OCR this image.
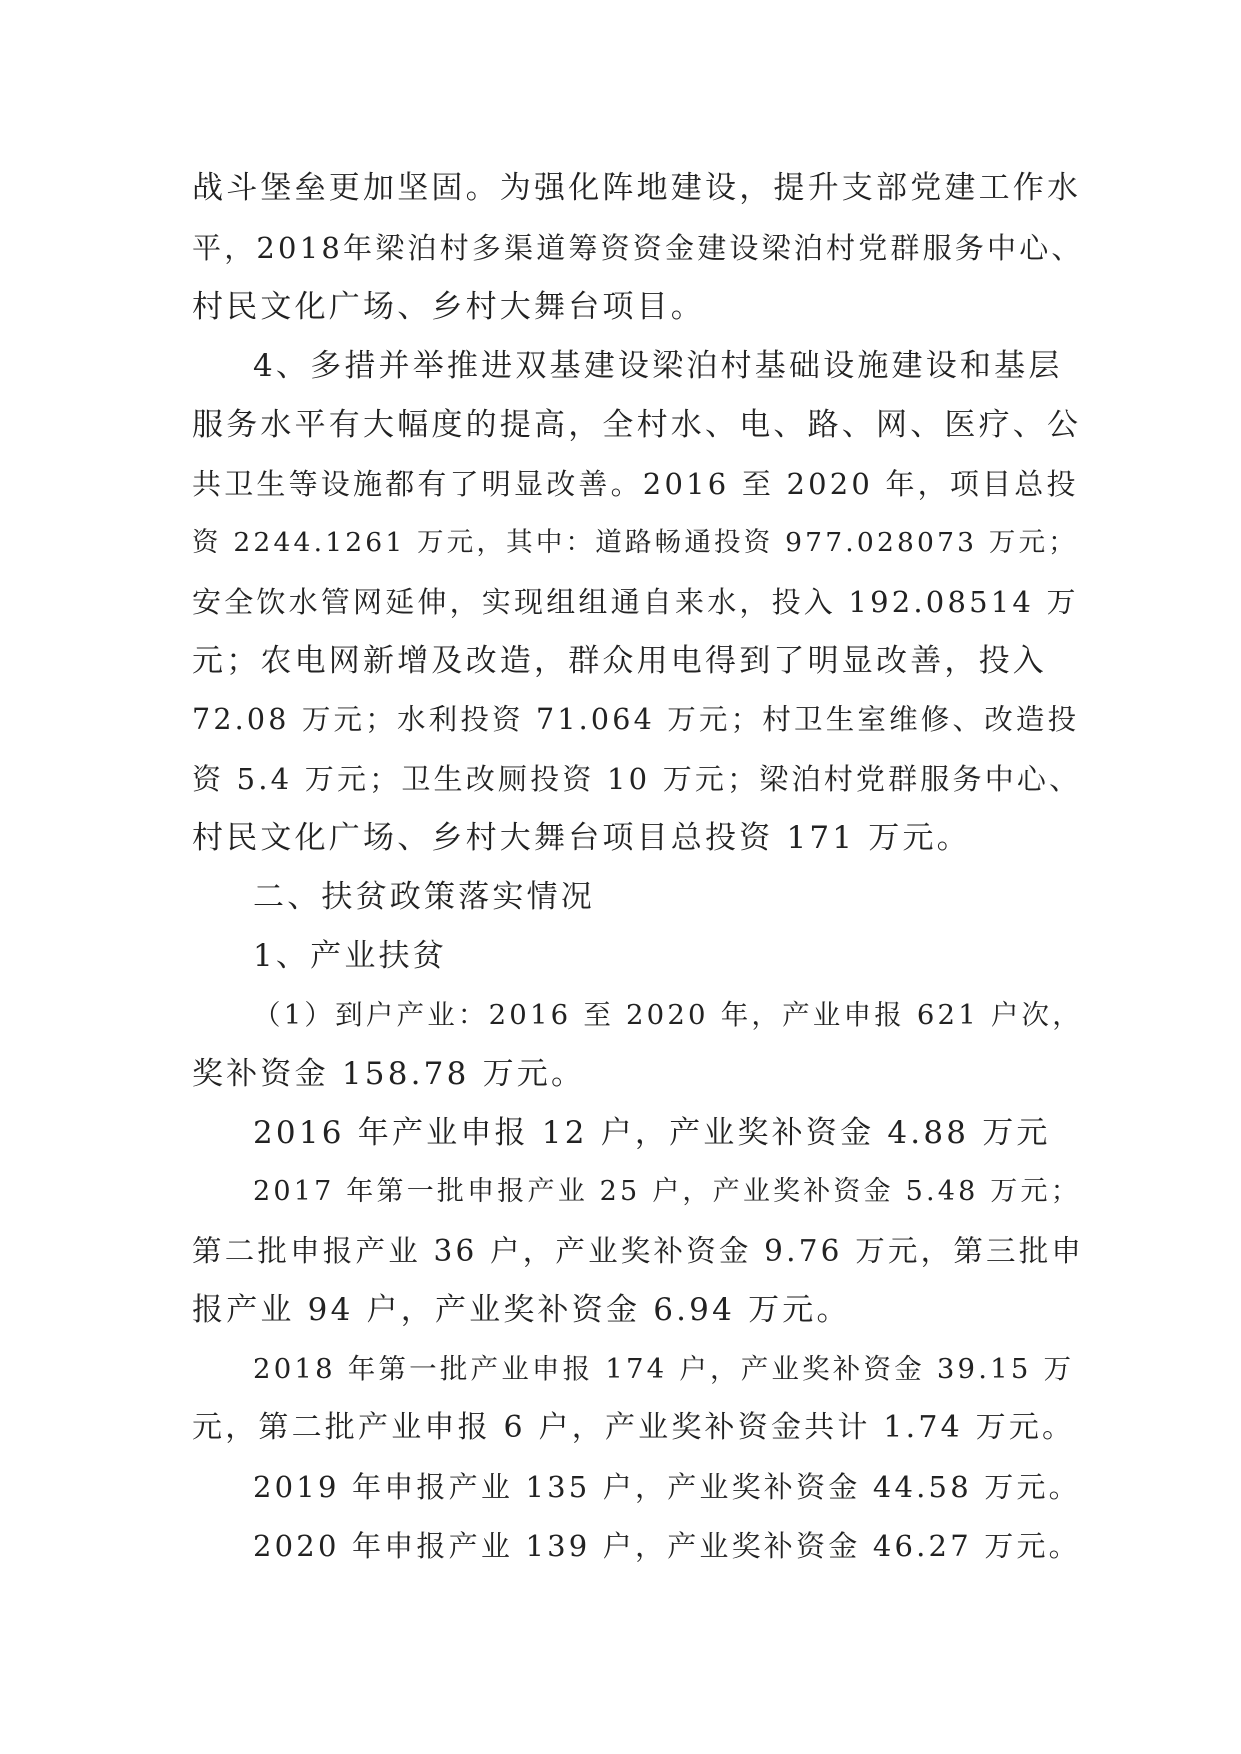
战斗堡垒更加坚固。为强化阵地建设，提升支部党建工作水
平，2018年梁泊村多渠道筹资资金建设梁泊村党群服务中心、
村民文化广场、乡村大舞台项目。
4、多措并举推进双基建设梁泊村基础设施建设和基层
服务水平有大幅度的提高，全村水、电、路、网、医疗、公
共卫生等设施都有了明显改善。2016 至 2020 年，项目总投
资 2244.1261 万元，其中：道路畅通投资 977.028073 万元；
安全饮水管网延伸，实现组组通自来水，投入 192.08514 万
元；农电网新增及改造，群众用电得到了明显改善，投入
72.08 万元；水利投资 71.064 万元；村卫生室维修、改造投
资 5.4 万元；卫生改厕投资 10 万元；梁泊村党群服务中心、
村民文化广场、乡村大舞台项目总投资 171 万元。
二、扶贫政策落实情况
1、产业扶贫
（1）到户产业：2016 至 2020 年，产业申报 621 户次，
奖补资金 158.78 万元。
2016 年产业申报 12 户，产业奖补资金 4.88 万元
2017 年第一批申报产业 25 户，产业奖补资金 5.48 万元；
第二批申报产业 36 户，产业奖补资金 9.76 万元，第三批申
报产业 94 户，产业奖补资金 6.94 万元。
2018 年第一批产业申报 174 户，产业奖补资金 39.15 万
元，第二批产业申报 6 户，产业奖补资金共计 1.74 万元。
2019 年申报产业 135 户，产业奖补资金 44.58 万元。
2020 年申报产业 139 户，产业奖补资金 46.27 万元。
